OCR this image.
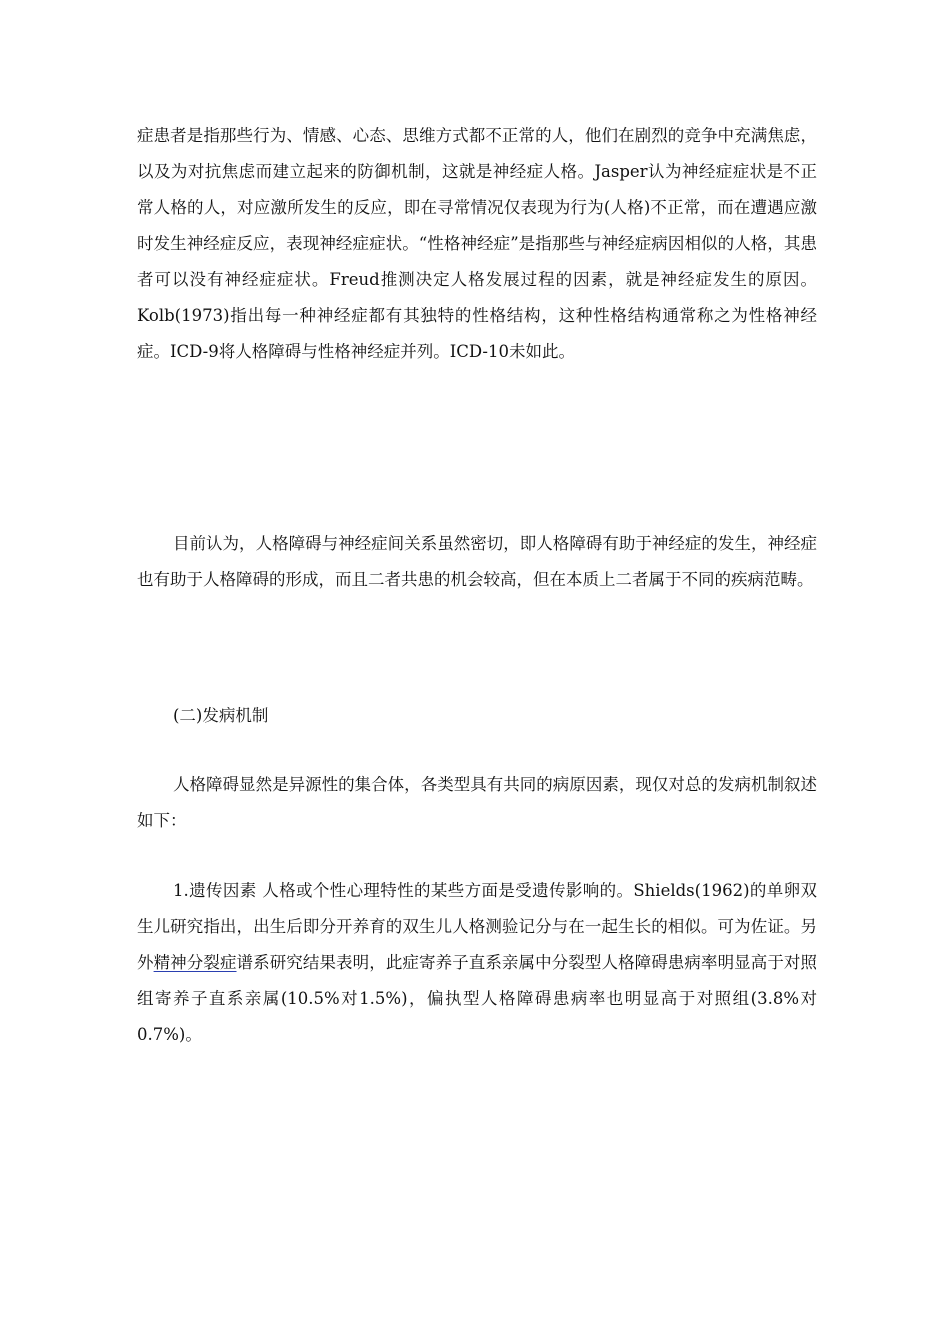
症患者是指那些行为、情感、心态、思维方式都不正常的人，他们在剧烈的竞争中充满焦虑，以及为对抗焦虑而建立起来的防御机制，这就是神经症人格。Jasper认为神经症症状是不正常人格的人，对应激所发生的反应，即在寻常情况仅表现为行为(人格)不正常，而在遭遇应激时发生神经症反应，表现神经症症状。“性格神经症”是指那些与神经症病因相似的人格，其患者可以没有神经症症状。Freud推测决定人格发展过程的因素，就是神经症发生的原因。Kolb(1973)指出每一种神经症都有其独特的性格结构，这种性格结构通常称之为性格神经症。ICD-9将人格障碍与性格神经症并列。ICD-10未如此。

目前认为，人格障碍与神经症间关系虽然密切，即人格障碍有助于神经症的发生，神经症也有助于人格障碍的形成，而且二者共患的机会较高，但在本质上二者属于不同的疾病范畴。

(二)发病机制

人格障碍显然是异源性的集合体，各类型具有共同的病原因素，现仅对总的发病机制叙述如下：

1.遗传因素 人格或个性心理特性的某些方面是受遗传影响的。Shields(1962)的单卵双生儿研究指出，出生后即分开养育的双生儿人格测验记分与在一起生长的相似。可为佐证。另外精神分裂症谱系研究结果表明，此症寄养子直系亲属中分裂型人格障碍患病率明显高于对照组寄养子直系亲属(10.5%对1.5%)，偏执型人格障碍患病率也明显高于对照组(3.8%对0.7%)。
